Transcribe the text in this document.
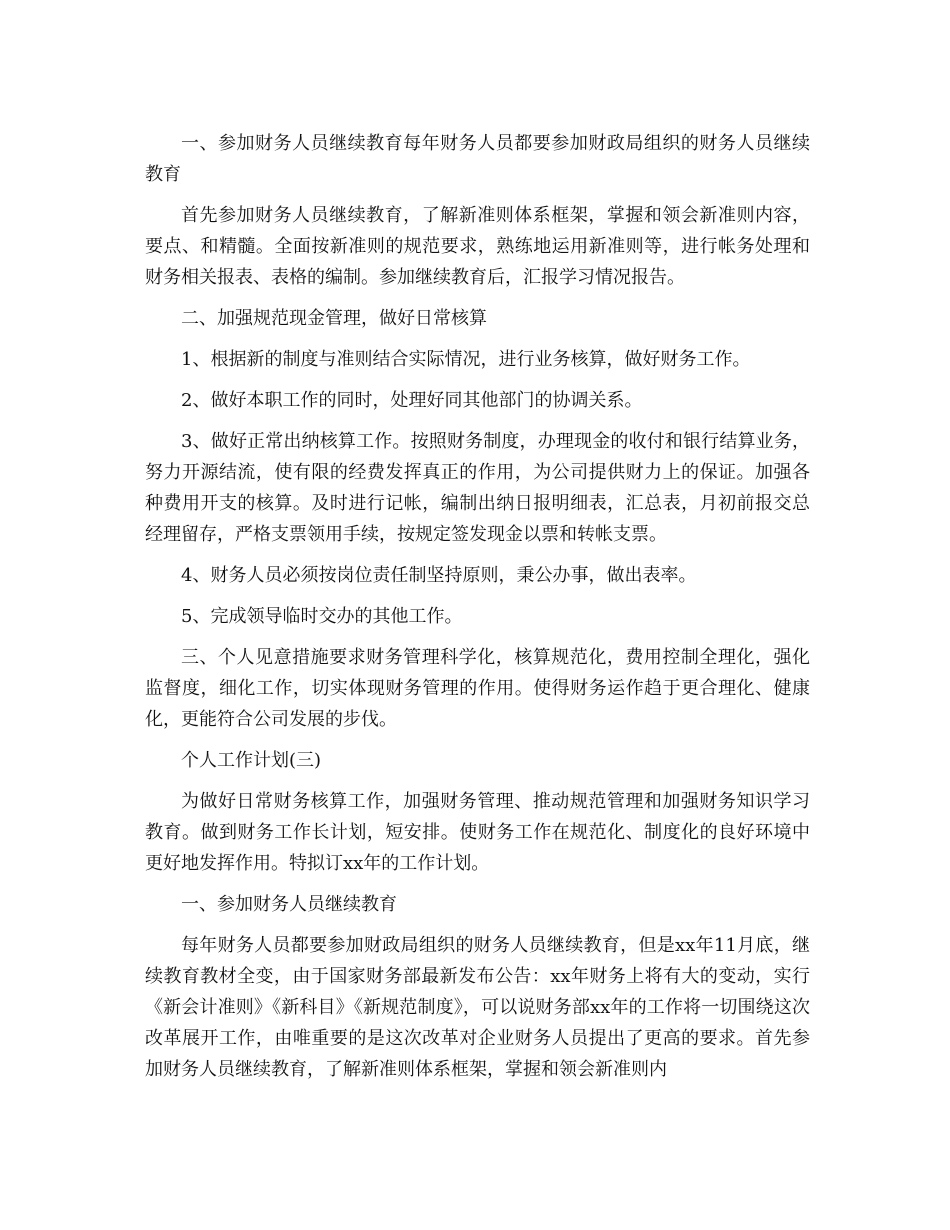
一、参加财务人员继续教育每年财务人员都要参加财政局组织的财务人员继续教育

首先参加财务人员继续教育，了解新准则体系框架，掌握和领会新准则内容，要点、和精髓。全面按新准则的规范要求，熟练地运用新准则等，进行帐务处理和财务相关报表、表格的编制。参加继续教育后，汇报学习情况报告。

二、加强规范现金管理，做好日常核算

1、根据新的制度与准则结合实际情况，进行业务核算，做好财务工作。

2、做好本职工作的同时，处理好同其他部门的协调关系。

3、做好正常出纳核算工作。按照财务制度，办理现金的收付和银行结算业务，努力开源结流，使有限的经费发挥真正的作用，为公司提供财力上的保证。加强各种费用开支的核算。及时进行记帐，编制出纳日报明细表，汇总表，月初前报交总经理留存，严格支票领用手续，按规定签发现金以票和转帐支票。

4、财务人员必须按岗位责任制坚持原则，秉公办事，做出表率。

5、完成领导临时交办的其他工作。

三、个人见意措施要求财务管理科学化，核算规范化，费用控制全理化，强化监督度，细化工作，切实体现财务管理的作用。使得财务运作趋于更合理化、健康化，更能符合公司发展的步伐。

个人工作计划(三)

为做好日常财务核算工作，加强财务管理、推动规范管理和加强财务知识学习教育。做到财务工作长计划，短安排。使财务工作在规范化、制度化的良好环境中更好地发挥作用。特拟订xx年的工作计划。

一、参加财务人员继续教育

每年财务人员都要参加财政局组织的财务人员继续教育，但是xx年11月底，继续教育教材全变，由于国家财务部最新发布公告：xx年财务上将有大的变动，实行《新会计准则》《新科目》《新规范制度》，可以说财务部xx年的工作将一切围绕这次改革展开工作，由唯重要的是这次改革对企业财务人员提出了更高的要求。首先参加财务人员继续教育，了解新准则体系框架，掌握和领会新准则内
